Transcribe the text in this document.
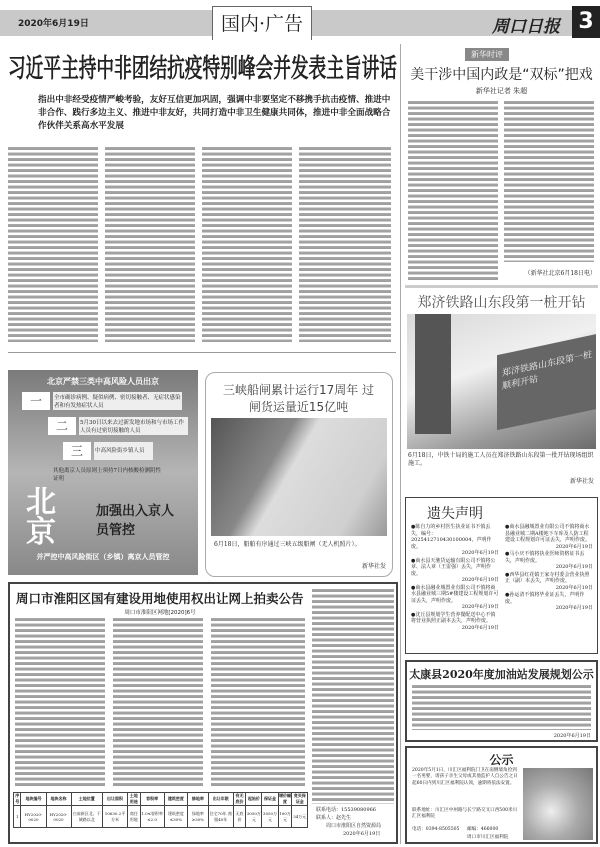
2020年6月19日	国内·广告	周口日报 3
习近平主持中非团结抗疫特别峰会并发表主旨讲话
指出中非经受疫情严峻考验，友好互信更加巩固，强调中非要坚定不移携手抗击疫情、推进中非合作、践行多边主义、推进中非友好，共同打造中非卫生健康共同体，推进中非全面战略合作伙伴关系高水平发展
新华时评
美干涉中国内政是“双标”把戏
新华社记者 朱超
（新华社北京6月18日电）
郑济铁路山东段第一桩开钻
郑济铁路山东段第一桩顺利开钻
6月18日，中铁十局的施工人员在郑济铁路山东段第一批开钻现场组织施工。
新华社发
北京严禁三类中高风险人员出京
一	全市确诊病例、疑似病例、密切接触者、无症状感染者和有发热症状人员
二	5月30日以来去过新发地市场和与市场工作人员有过密切接触的人员
三	中高风险街乡镇人员
其他离京人员原则上须持7日内核酸检测阴性证明
北京
加强出入京人员管控
并严控中高风险街区（乡镇）离京人员管控
三峡船闸累计运行17周年 过闸货运量近15亿吨
6月18日，船舶有序通过三峡五级船闸（无人机照片）。
新华社发
周口市淮阳区国有建设用地使用权出让网上拍卖公告
周口市淮阳区网地[2020]6号
序号	地块编号	地块名称	土地位置	出让面积	土地用途	容积率	建筑密度	绿地率	出让年限	有无底价	起始价	保证金	增价幅度	竞买保证金
1	HY2020-0020	HY2020-0020	白雀新区北、干城路以北	10630.2平方米	商住用地	1.0≤容积率≤2.0	建筑密度≤30%	绿地率≥30%	住宅70年 商服40年	无底价	3050万元	3050万元	100万元	34万元
联系电话：15539080966
联系人：赵先生
周口市淮阳区自然资源局
2020年6月19日
遗失声明
●陈自力的乡村医生执业证书不慎丢失，编号：2025412710430100004，声明作废。
2020年6月19日
●商水县天驰货运输有限公司不慎将公章、法人章（王雷强）丢失，声明作废。
2020年6月19日
●商水县融业城置业有限公司不慎将商水县融业城三期5#楼建设工程规划许可证丢失，声明作废。
2020年6月19日
●沈丘县规划学生营养餐配送中心不慎将营业执照正副本丢失，声明作废。
2020年6月19日
●商水县融城置业有限公司不慎将商水县融业城二期A楼地下车库及人防工程建设工程规划许可证丢失，声明作废。
2020年6月19日
●马小庆不慎将执业医师资格证书丢失，声明作废。
2020年6月19日
●西华县红花镇王家寺村委会营业执照正（副）本丢失，声明作废。
2020年6月19日
●孙运清不慎将毕业证丢失，声明作废。
2020年6月19日
太康县2020年度加油站发展规划公示
2020年6月19日
公示
2020年5月1日，川汇区福利院门卫在南侧墙角捡到一名男婴，请孩子亲生父母或其他监护人自公告之日起60日内到川汇区福利院认领，逾期将依法安置。
联系地址：川汇区中州路与长宁路交叉口西500米川汇区福利院
电话：0394-8505505 邮编：466000
周口市川汇区福利院
